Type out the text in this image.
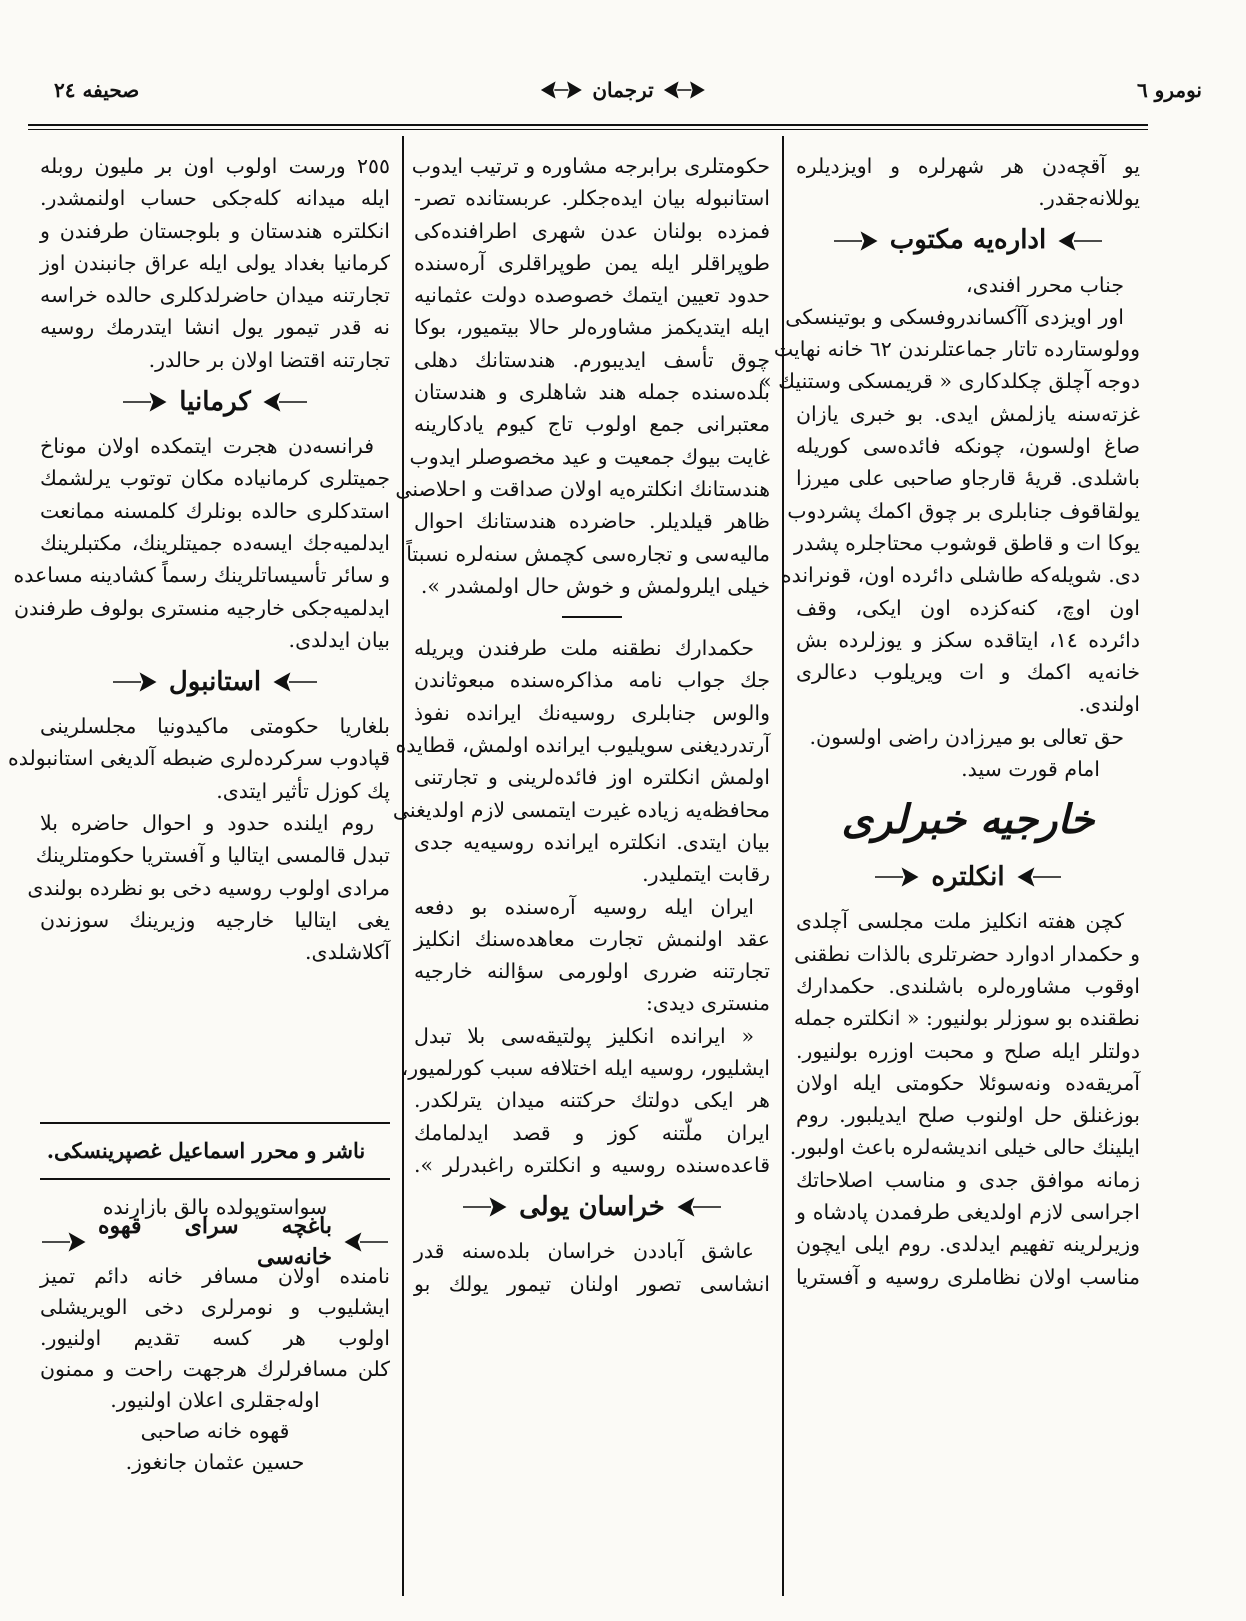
صحيفه ٢٤	ترجمان	نومرو ٦
يو آقچەدن هر شهرلره و اويزديلره
يوللانه‌جقدر.
ادارەیه مكتوب
جناب محرر افندى،
اور اويزدى آآكساندروفسكى و بوتينسكى
وولوستارده تاتار جماعتلرندن ٦٢ خانه نهايت
دوجه آچلق چكلدكارى « قريمسكى وستنيك »
غزته‌سنه يازلمش ايدى. بو خبرى يازان
صاغ اولسون، چونكه فائدەسى كوريله
باشلدى. قريۀ قارجاو صاحبى على ميرزا
يولقاقوف جنابلرى بر چوق اكمك پشردوب
يوكا ات و قاطق قوشوب محتاجلره پشدر
دى. شويلەكه طاشلى دائرده اون، قونرانده
اون اوچ، كنه‌كزده اون ايكى، وقف
دائرده ١٤، ايتاقده سكز و يوزلرده بش
خانه‌يه اكمك و ات ويريلوب دعالرى
اولندى.
حق تعالى بو ميرزادن راضى اولسون.
امام قورت سيد.
خارجيه خبرلرى
انكلتره
كچن هفته انكليز ملت مجلسى آچلدى
و حكمدار ادوارد حضرتلرى بالذات نطقنى
اوقوب مشاورەلره باشلندى. حكمدارك
نطقنده بو سوزلر بولنيور: « انكلتره جمله
دولتلر ايله صلح و محبت اوزره بولنيور.
آمريقه‌ده ونه‌سوئلا حكومتى ايله اولان
بوزغنلق حل اولنوب صلح ايديلبور. روم
ايلينك حالى خيلى انديشەلره باعث اولبور.
زمانه موافق جدى و مناسب اصلاحاتك
اجراسى لازم اولديغى طرفمدن پادشاه و
وزيرلرينه تفهيم ايدلدى. روم ايلى ايچون
مناسب اولان نظاملرى روسيه و آفستريا
حكومتلرى برابرجه مشاوره و ترتيب ايدوب
استانبوله بيان ايده‌جكلر. عربستانده تصر-
فمزده بولنان عدن شهرى اطرافنده‌كى
طوپراقلر ايله يمن طوپراقلرى آرەسنده
حدود تعيين ايتمك خصوصده دولت عثمانيه
ايله ايتديكمز مشاورەلر حالا بيتميور، بوكا
چوق تأسف ايديبورم. هندستانك دهلى
بلده‌سنده جمله هند شاهلرى و هندستان
معتبرانى جمع اولوب تاج كيوم يادكارينه
غايت بيوك جمعيت و عيد مخصوصلر ايدوب
هندستانك انكلتره‌يه اولان صداقت و احلاصنى
ظاهر قيلديلر. حاضرده هندستانك احوال
ماليه‌سى و تجارەسى كچمش سنەلره نسبتاً
خيلى ايلرولمش و خوش حال اولمشدر ».
حكمدارك نطقنه ملت طرفندن ويريله
جك جواب نامه مذاكرەسنده مبعوثاندن
والوس جنابلرى روسيه‌نك ايرانده نفوذ
آرتدرديغنى سويليوب ايرانده اولمش، قطايده
اولمش انكلتره اوز فائدەلرينى و تجارتنى
محافظه‌يه زياده غيرت ايتمسى لازم اولديغنى
بيان ايتدى. انكلتره ايرانده روسيه‌يه جدى
رقابت ايتمليدر.
ايران ايله روسيه آرەسنده بو دفعه
عقد اولنمش تجارت معاهدەسنك انكليز
تجارتنه ضررى اولورمى سؤالنه خارجيه
منسترى ديدى:
« ايرانده انكليز پولتيقه‌سى بلا تبدل
ايشليور، روسيه ايله اختلافه سبب كورلميور،
هر ايكى دولتك حركتنه ميدان يترلكدر.
ايران ملّتنه كوز و قصد ايدلمامك
قاعدەسنده روسيه و انكلتره راغبدرلر ».
خراسان يولى
عاشق آباددن خراسان بلده‌سنه قدر
انشاسى تصور اولنان تيمور يولك بو
٢٥٥ ورست اولوب اون بر مليون روبله
ايله ميدانه كله‌جكى حساب اولنمشدر.
انكلتره هندستان و بلوجستان طرفندن و
كرمانيا بغداد يولى ايله عراق جانبندن اوز
تجارتنه ميدان حاضرلدكلرى حالده خراسه
نه قدر تيمور يول انشا ايتدرمك روسيه
تجارتنه اقتضا اولان بر حالدر.
كرمانيا
فرانسەدن هجرت ايتمكده اولان موناخ
جميتلرى كرمانياده مكان توتوب يرلشمك
استدكلرى حالده بونلرك كلمسنه ممانعت
ايدلميه‌جك ايسه‌ده جميتلرينك، مكتبلرينك
و سائر تأسيساتلرينك رسماً كشادينه مساعده
ايدلميه‌جكى خارجيه منسترى بولوف طرفندن
بيان ايدلدى.
استانبول
بلغاريا حكومتى ماكيدونيا مجلسلرينى
قپادوب سركردەلرى ضبطه آلديغى استانبولده
پك كوزل تأثير ايتدى.
روم ايلنده حدود و احوال حاضره بلا
تبدل قالمسى ايتاليا و آفستريا حكومتلرينك
مرادى اولوب روسيه دخى بو نظرده بولندى
يغى ايتاليا خارجيه وزيرينك سوزندن
آكلاشلدى.
ناشر و محرر اسماعيل غصپرينسكى.
سواستوپولده بالق بازارنده
باغچه سراى قهوه خانه‌سى
نامنده اولان مسافر خانه دائم تميز
ايشليوب و نومرلرى دخى الويريشلى
اولوب هر كسه تقديم اولنيور.
كلن مسافرلرك هرجهت راحت و ممنون
اوله‌جقلرى اعلان اولنيور.
قهوه خانه صاحبى
حسين عثمان جانغوز.
